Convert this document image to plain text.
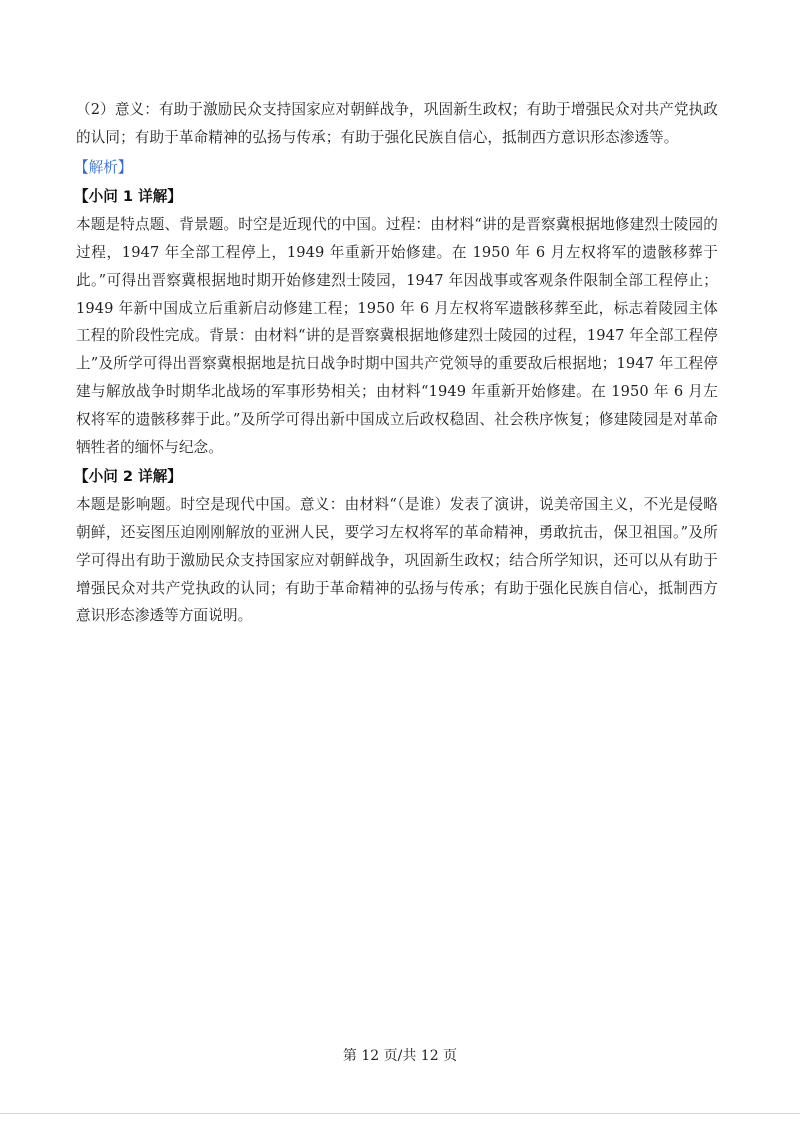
（2）意义：有助于激励民众支持国家应对朝鲜战争，巩固新生政权；有助于增强民众对共产党执政的认同；有助于革命精神的弘扬与传承；有助于强化民族自信心，抵制西方意识形态渗透等。

【解析】
【小问 1 详解】

本题是特点题、背景题。时空是近现代的中国。过程：由材料“讲的是晋察冀根据地修建烈士陵园的过程，1947 年全部工程停上，1949 年重新开始修建。在 1950 年 6 月左权将军的遗骸移葬于此。”可得出晋察冀根据地时期开始修建烈士陵园，1947 年因战事或客观条件限制全部工程停止；1949 年新中国成立后重新启动修建工程；1950 年 6 月左权将军遗骸移葬至此，标志着陵园主体工程的阶段性完成。背景：由材料“讲的是晋察冀根据地修建烈士陵园的过程，1947 年全部工程停上”及所学可得出晋察冀根据地是抗日战争时期中国共产党领导的重要敌后根据地；1947 年工程停建与解放战争时期华北战场的军事形势相关；由材料“1949 年重新开始修建。在 1950 年 6 月左权将军的遗骸移葬于此。”及所学可得出新中国成立后政权稳固、社会秩序恢复；修建陵园是对革命牺牲者的缅怀与纪念。

【小问 2 详解】

本题是影响题。时空是现代中国。意义：由材料“（是谁）发表了演讲，说美帝国主义，不光是侵略朝鲜，还妄图压迫刚刚解放的亚洲人民，要学习左权将军的革命精神，勇敢抗击，保卫祖国。”及所学可得出有助于激励民众支持国家应对朝鲜战争，巩固新生政权；结合所学知识，还可以从有助于增强民众对共产党执政的认同；有助于革命精神的弘扬与传承；有助于强化民族自信心，抵制西方意识形态渗透等方面说明。

第 12 页/共 12 页
